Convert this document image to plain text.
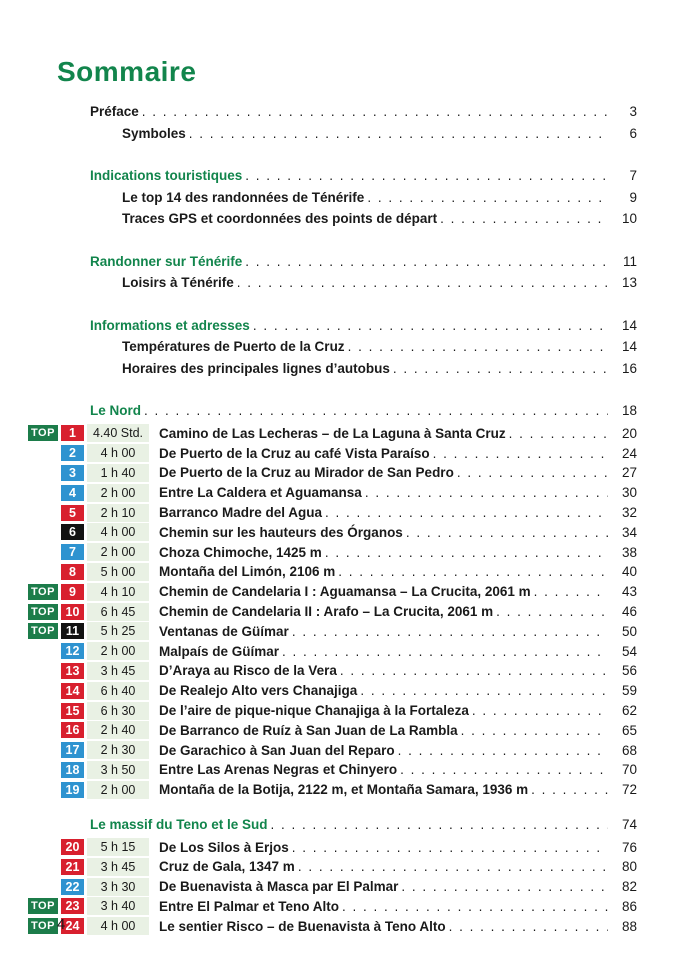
Sommaire
Préface . . .	3
Symboles . . .	6
Indications touristiques . . .	7
Le top 14 des randonnées de Ténérife . . .	9
Traces GPS et coordonnées des points de départ . . .	10
Randonner sur Ténérife . . .	11
Loisirs à Ténérife . . .	13
Informations et adresses . . .	14
Températures de Puerto de la Cruz . . .	14
Horaires des principales lignes d’autobus . . .	16
Le Nord . . .	18
TOP	1	4.40 Std.	Camino de Las Lecheras – de La Laguna à Santa Cruz . . .	20
2	4 h 00	De Puerto de la Cruz au café Vista Paraíso . . .	24
3	1 h 40	De Puerto de la Cruz au Mirador de San Pedro . . .	27
4	2 h 00	Entre La Caldera et Aguamansa . . .	30
5	2 h 10	Barranco Madre del Agua . . .	32
6	4 h 00	Chemin sur les hauteurs des Órganos . . .	34
7	2 h 00	Choza Chimoche, 1425 m . . .	38
8	5 h 00	Montaña del Limón, 2106 m . . .	40
TOP	9	4 h 10	Chemin de Candelaria I : Aguamansa – La Crucita, 2061 m . . .	43
TOP 10	6 h 45	Chemin de Candelaria II : Arafo – La Crucita, 2061 m . . .	46
TOP 11	5 h 25	Ventanas de Güímar . . .	50
12	2 h 00	Malpaís de Güímar . . .	54
13	3 h 45	D’Araya au Risco de la Vera . . .	56
14	6 h 40	De Realejo Alto vers Chanajiga . . .	59
15	6 h 30	De l’aire de pique-nique Chanajiga à la Fortaleza . . .	62
16	2 h 40	De Barranco de Ruíz à San Juan de La Rambla . . .	65
17	2 h 30	De Garachico à San Juan del Reparo . . .	68
18	3 h 50	Entre Las Arenas Negras et Chinyero . . .	70
19	2 h 00	Montaña de la Botija, 2122 m, et Montaña Samara, 1936 m . . .	72
Le massif du Teno et le Sud . . .	74
20	5 h 15	De Los Silos à Erjos . . .	76
21	3 h 45	Cruz de Gala, 1347 m . . .	80
22	3 h 30	De Buenavista à Masca par El Palmar . . .	82
TOP 23	3 h 40	Entre El Palmar et Teno Alto . . .	86
TOP 24	4 h 00	Le sentier Risco – de Buenavista à Teno Alto . . .	88
4
